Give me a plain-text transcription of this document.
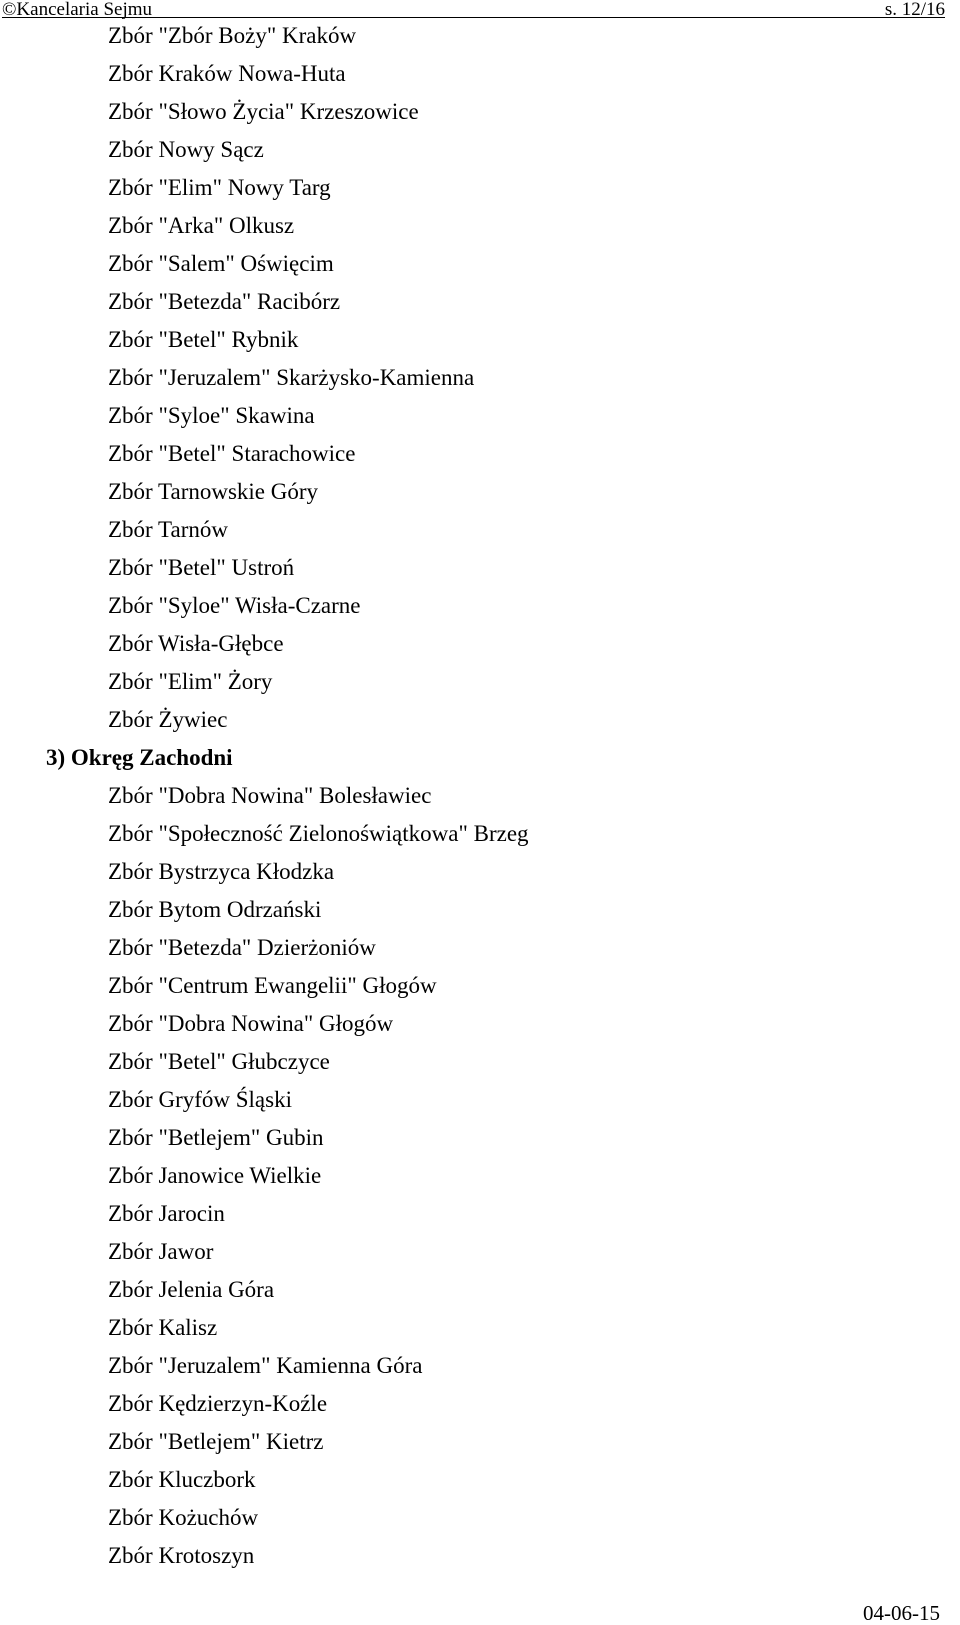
©Kancelaria Sejmu	s. 12/16
Zbór "Zbór Boży" Kraków
Zbór Kraków Nowa-Huta
Zbór "Słowo Życia" Krzeszowice
Zbór Nowy Sącz
Zbór "Elim" Nowy Targ
Zbór "Arka" Olkusz
Zbór "Salem" Oświęcim
Zbór "Betezda" Racibórz
Zbór "Betel" Rybnik
Zbór "Jeruzalem" Skarżysko-Kamienna
Zbór "Syloe" Skawina
Zbór "Betel" Starachowice
Zbór Tarnowskie Góry
Zbór Tarnów
Zbór "Betel" Ustroń
Zbór "Syloe" Wisła-Czarne
Zbór Wisła-Głębce
Zbór "Elim" Żory
Zbór Żywiec
3) Okręg Zachodni
Zbór "Dobra Nowina" Bolesławiec
Zbór "Społeczność Zielonoświątkowa" Brzeg
Zbór Bystrzyca Kłodzka
Zbór Bytom Odrzański
Zbór "Betezda" Dzierżoniów
Zbór "Centrum Ewangelii" Głogów
Zbór "Dobra Nowina" Głogów
Zbór "Betel" Głubczyce
Zbór Gryfów Śląski
Zbór "Betlejem" Gubin
Zbór Janowice Wielkie
Zbór Jarocin
Zbór Jawor
Zbór Jelenia Góra
Zbór Kalisz
Zbór "Jeruzalem" Kamienna Góra
Zbór Kędzierzyn-Koźle
Zbór "Betlejem" Kietrz
Zbór Kluczbork
Zbór Kożuchów
Zbór Krotoszyn
04-06-15
